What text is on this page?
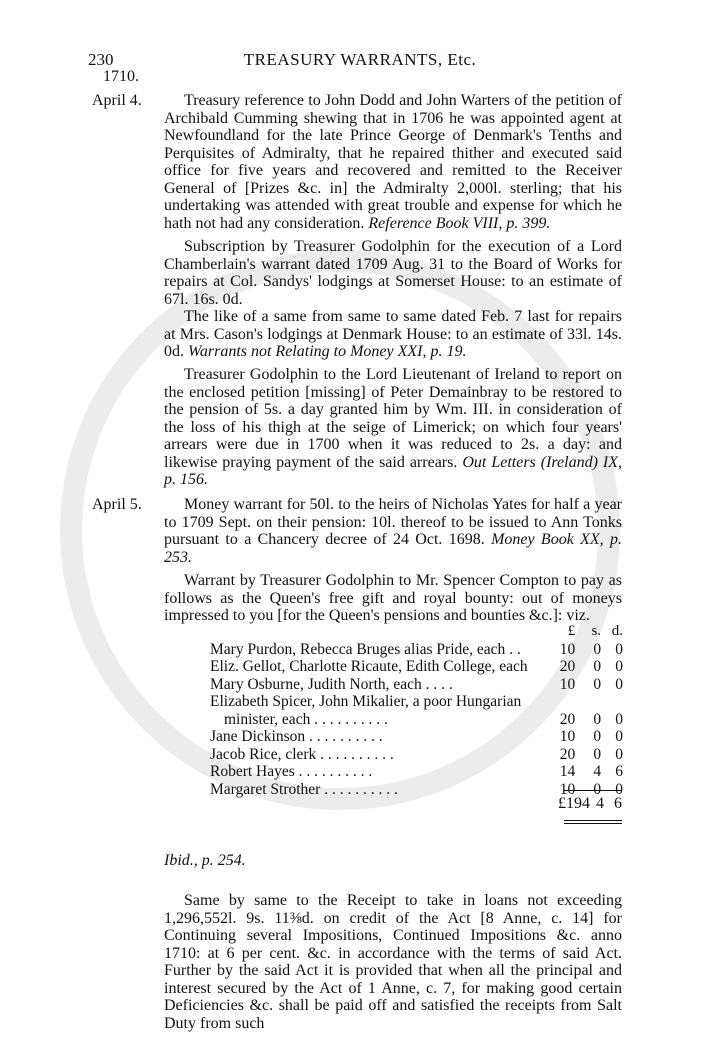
230	TREASURY WARRANTS, Etc.
1710.
April 4.	Treasury reference to John Dodd and John Warters of the petition of Archibald Cumming shewing that in 1706 he was appointed agent at Newfoundland for the late Prince George of Denmark's Tenths and Perquisites of Admiralty, that he repaired thither and executed said office for five years and recovered and remitted to the Receiver General of [Prizes &c. in] the Admiralty 2,000l. sterling; that his undertaking was attended with great trouble and expense for which he hath not had any consideration. Reference Book VIII, p. 399.

Subscription by Treasurer Godolphin for the execution of a Lord Chamberlain's warrant dated 1709 Aug. 31 to the Board of Works for repairs at Col. Sandys' lodgings at Somerset House: to an estimate of 67l. 16s. 0d.

The like of a same from same to same dated Feb. 7 last for repairs at Mrs. Cason's lodgings at Denmark House: to an estimate of 33l. 14s. 0d. Warrants not Relating to Money XXI, p. 19.

Treasurer Godolphin to the Lord Lieutenant of Ireland to report on the enclosed petition [missing] of Peter Demainbray to be restored to the pension of 5s. a day granted him by Wm. III. in consideration of the loss of his thigh at the seige of Limerick; on which four years' arrears were due in 1700 when it was reduced to 2s. a day: and likewise praying payment of the said arrears. Out Letters (Ireland) IX, p. 156.

April 5.	Money warrant for 50l. to the heirs of Nicholas Yates for half a year to 1709 Sept. on their pension: 10l. thereof to be issued to Ann Tonks pursuant to a Chancery decree of 24 Oct. 1698. Money Book XX, p. 253.

Warrant by Treasurer Godolphin to Mr. Spencer Compton to pay as follows as the Queen's free gift and royal bounty: out of moneys impressed to you [for the Queen's pensions and bounties &c.]: viz.

	£	s.	d.
Mary Purdon, Rebecca Bruges alias Pride, each . .	10	0	0
Eliz. Gellot, Charlotte Ricaute, Edith College, each	20	0	0
Mary Osburne, Judith North, each . . . .	10	0	0
Elizabeth Spicer, John Mikalier, a poor Hungarian			
minister, each . . . . . . . . . .	20	0	0
Jane Dickinson . . . . . . . . . .	10	0	0
Jacob Rice, clerk . . . . . . . . . .	20	0	0
Robert Hayes . . . . . . . . . .	14	4	6
Margaret Strother . . . . . . . . . .	10	0	0
£194 4 6

Ibid., p. 254.

Same by same to the Receipt to take in loans not exceeding 1,296,552l. 9s. 11⅜d. on credit of the Act [8 Anne, c. 14] for Continuing several Impositions, Continued Impositions &c. anno 1710: at 6 per cent. &c. in accordance with the terms of said Act. Further by the said Act it is provided that when all the principal and interest secured by the Act of 1 Anne, c. 7, for making good certain Deficiencies &c. shall be paid off and satisfied the receipts from Salt Duty from such
